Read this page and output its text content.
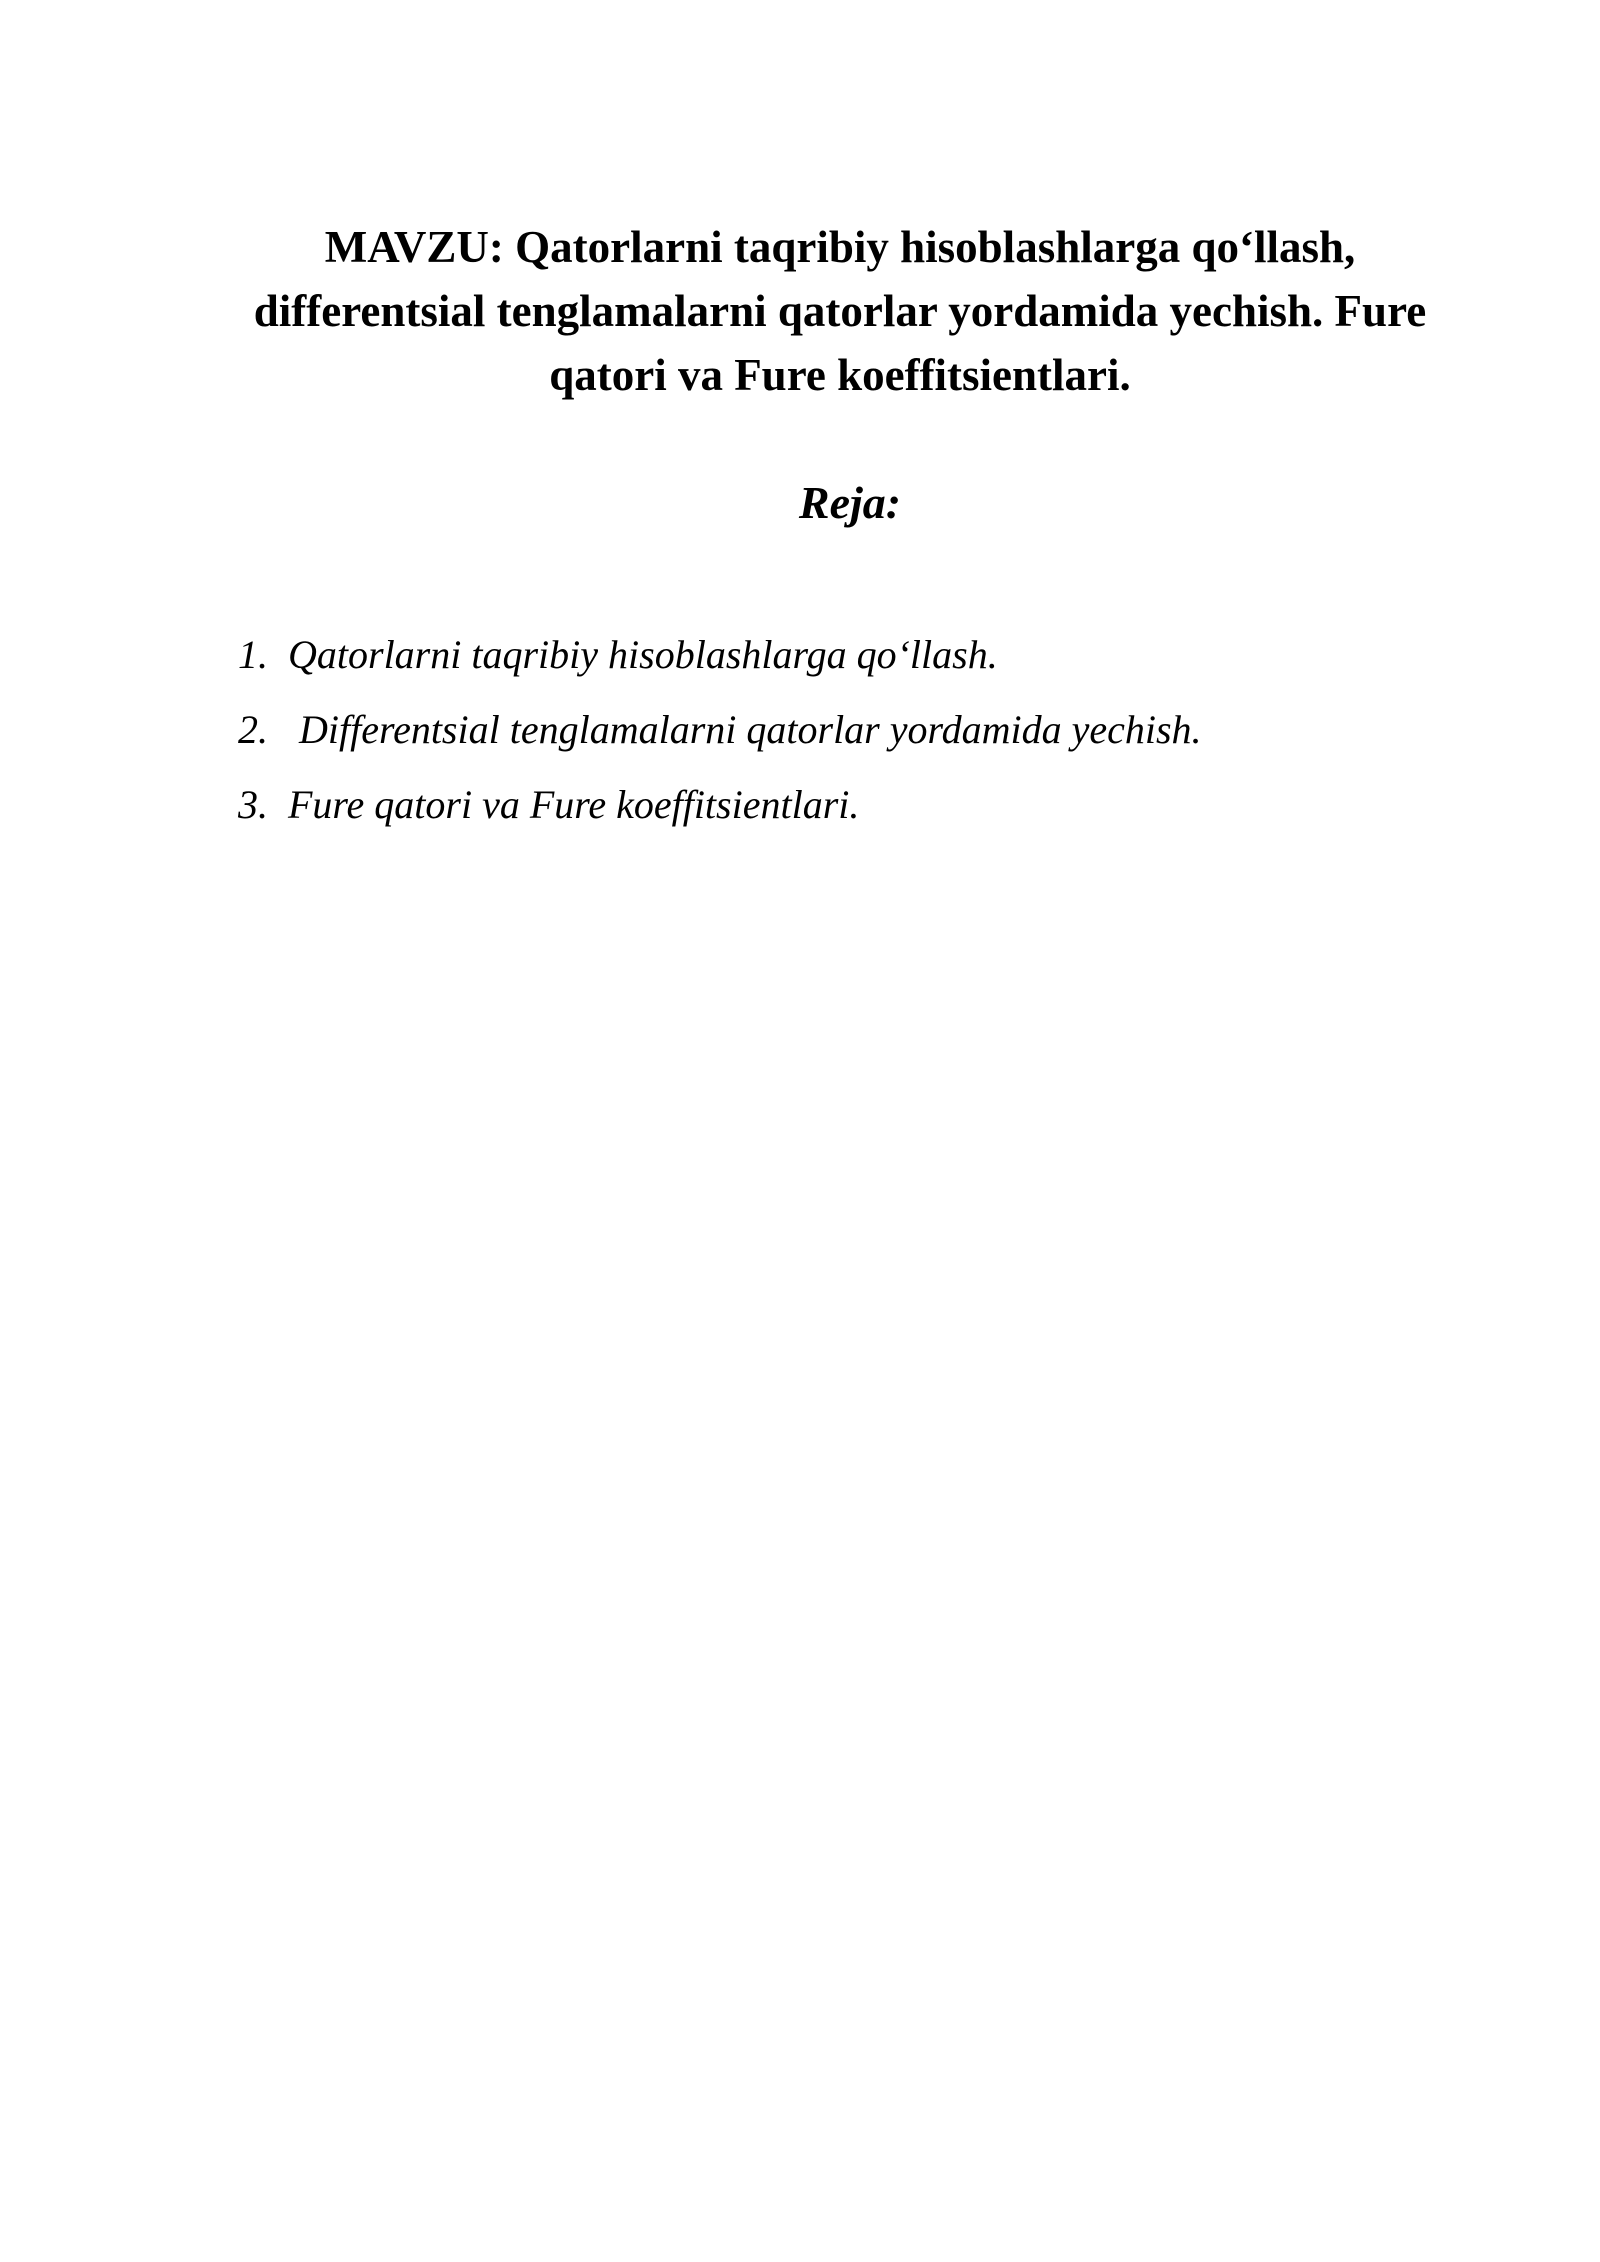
MAVZU: Qatorlarni taqribiy hisoblashlarga qo‘llash,
differentsial tenglamalarni qatorlar yordamida yechish. Fure
qatori va Fure koeffitsientlari.
Reja:
1. Qatorlarni taqribiy hisoblashlarga qo‘llash.
2. Differentsial tenglamalarni qatorlar yordamida yechish.
3. Fure qatori va Fure koeffitsientlari.
